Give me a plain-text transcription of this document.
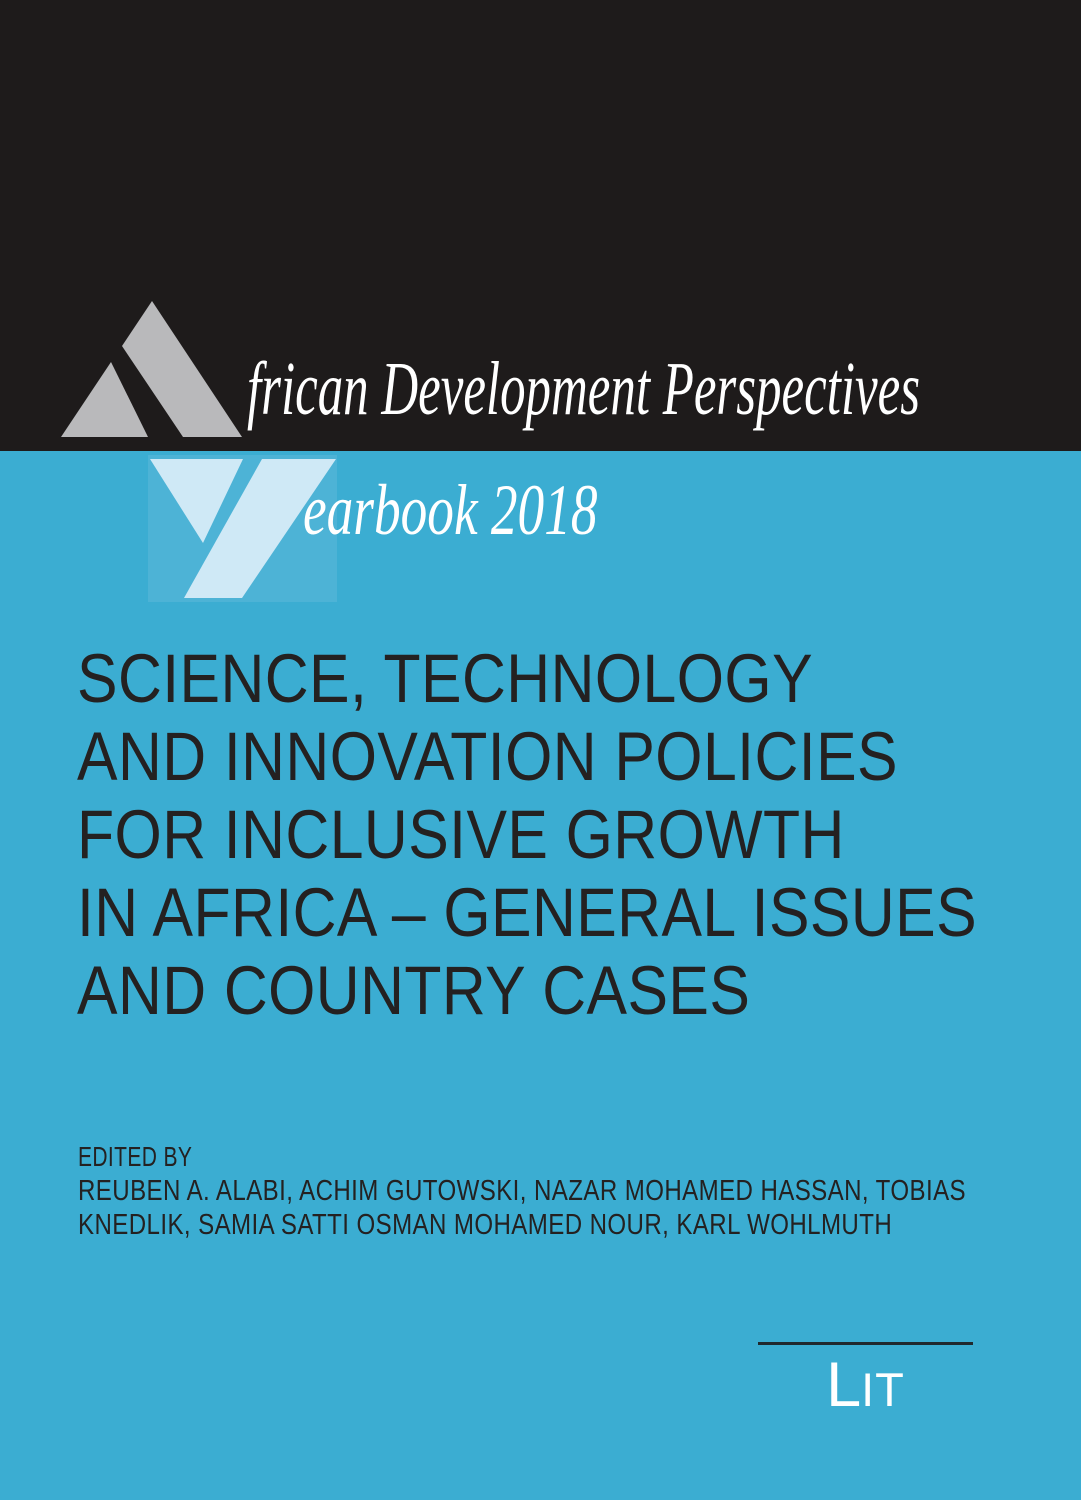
frican Development Perspectives
earbook 2018
SCIENCE, TECHNOLOGY
AND INNOVATION POLICIES
FOR INCLUSIVE GROWTH
IN AFRICA – GENERAL ISSUES
AND COUNTRY CASES
EDITED BY
REUBEN A. ALABI, ACHIM GUTOWSKI, NAZAR MOHAMED HASSAN, TOBIAS
KNEDLIK, SAMIA SATTI OSMAN MOHAMED NOUR, KARL WOHLMUTH
LIT
